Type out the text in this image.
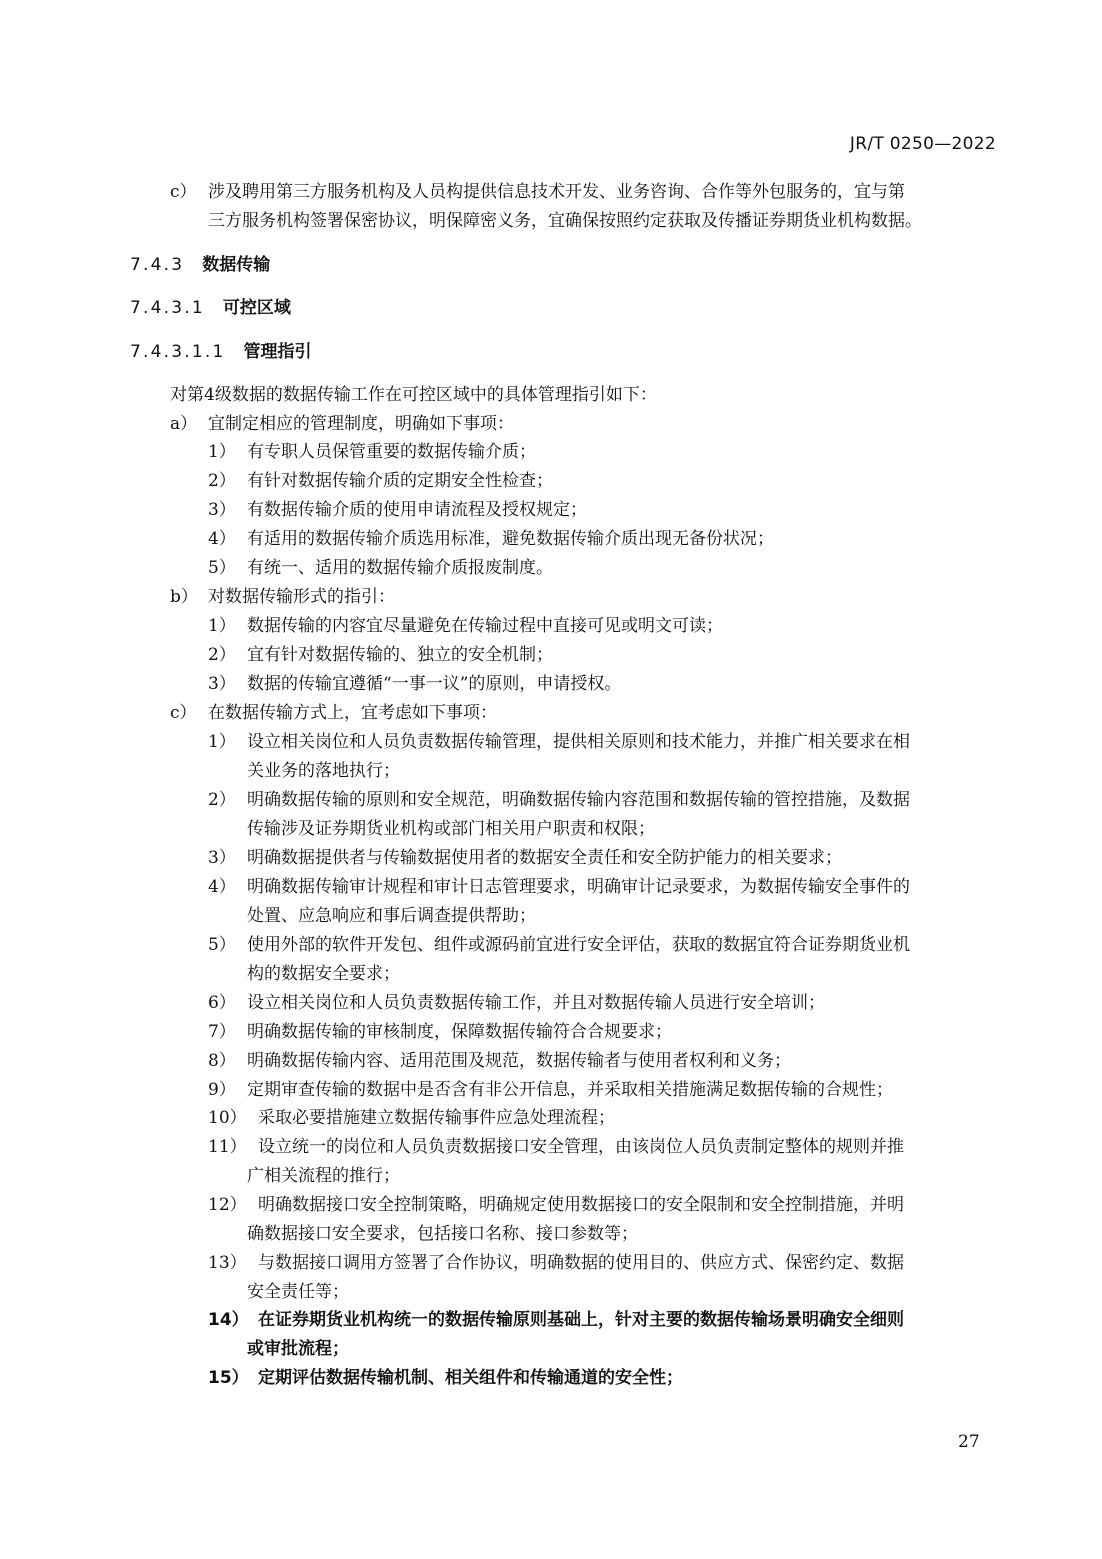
JR/T 0250—2022
c） 涉及聘用第三方服务机构及人员构提供信息技术开发、业务咨询、合作等外包服务的，宜与第
三方服务机构签署保密协议，明保障密义务，宜确保按照约定获取及传播证券期货业机构数据。
7.4.3 数据传输
7.4.3.1 可控区域
7.4.3.1.1 管理指引
对第4级数据的数据传输工作在可控区域中的具体管理指引如下：
a） 宜制定相应的管理制度，明确如下事项：
1） 有专职人员保管重要的数据传输介质；
2） 有针对数据传输介质的定期安全性检查；
3） 有数据传输介质的使用申请流程及授权规定；
4） 有适用的数据传输介质选用标准，避免数据传输介质出现无备份状况；
5） 有统一、适用的数据传输介质报废制度。
b） 对数据传输形式的指引：
1） 数据传输的内容宜尽量避免在传输过程中直接可见或明文可读；
2） 宜有针对数据传输的、独立的安全机制；
3） 数据的传输宜遵循“一事一议”的原则，申请授权。
c） 在数据传输方式上，宜考虑如下事项：
1） 设立相关岗位和人员负责数据传输管理，提供相关原则和技术能力，并推广相关要求在相
关业务的落地执行；
2） 明确数据传输的原则和安全规范，明确数据传输内容范围和数据传输的管控措施，及数据
传输涉及证券期货业机构或部门相关用户职责和权限；
3） 明确数据提供者与传输数据使用者的数据安全责任和安全防护能力的相关要求；
4） 明确数据传输审计规程和审计日志管理要求，明确审计记录要求，为数据传输安全事件的
处置、应急响应和事后调查提供帮助；
5） 使用外部的软件开发包、组件或源码前宜进行安全评估，获取的数据宜符合证券期货业机
构的数据安全要求；
6） 设立相关岗位和人员负责数据传输工作，并且对数据传输人员进行安全培训；
7） 明确数据传输的审核制度，保障数据传输符合合规要求；
8） 明确数据传输内容、适用范围及规范，数据传输者与使用者权利和义务；
9） 定期审查传输的数据中是否含有非公开信息，并采取相关措施满足数据传输的合规性；
10） 采取必要措施建立数据传输事件应急处理流程；
11） 设立统一的岗位和人员负责数据接口安全管理，由该岗位人员负责制定整体的规则并推
广相关流程的推行；
12） 明确数据接口安全控制策略，明确规定使用数据接口的安全限制和安全控制措施，并明
确数据接口安全要求，包括接口名称、接口参数等；
13） 与数据接口调用方签署了合作协议，明确数据的使用目的、供应方式、保密约定、数据
安全责任等；
14） 在证券期货业机构统一的数据传输原则基础上，针对主要的数据传输场景明确安全细则
或审批流程；
15） 定期评估数据传输机制、相关组件和传输通道的安全性；
27
